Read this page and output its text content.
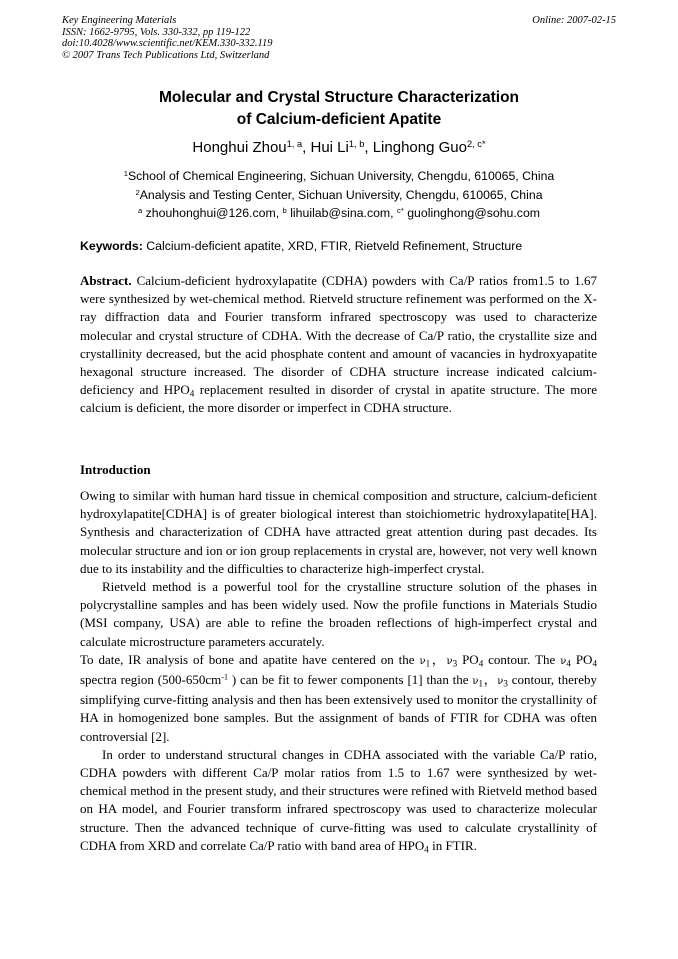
Key Engineering Materials
ISSN: 1662-9795, Vols. 330-332, pp 119-122
doi:10.4028/www.scientific.net/KEM.330-332.119
© 2007 Trans Tech Publications Ltd, Switzerland
Online: 2007-02-15
Molecular and Crystal Structure Characterization
of Calcium-deficient Apatite
Honghui Zhou$^{1, a}$, Hui Li$^{1, b}$, Linghong Guo$^{2, c*}$
$^1$School of Chemical Engineering, Sichuan University, Chengdu, 610065, China
$^2$Analysis and Testing Center, Sichuan University, Chengdu, 610065, China
$^a$ zhouhonghui@126.com, $^b$ lihuilab@sina.com, $^{c*}$ guolinghong@sohu.com
Keywords: Calcium-deficient apatite, XRD, FTIR, Rietveld Refinement, Structure
Abstract. Calcium-deficient hydroxylapatite (CDHA) powders with Ca/P ratios from1.5 to 1.67 were synthesized by wet-chemical method. Rietveld structure refinement was performed on the X-ray diffraction data and Fourier transform infrared spectroscopy was used to characterize molecular and crystal structure of CDHA. With the decrease of Ca/P ratio, the crystallite size and crystallinity decreased, but the acid phosphate content and amount of vacancies in hydroxyapatite hexagonal structure increased. The disorder of CDHA structure increase indicated calcium-deficiency and $HPO_4$ replacement resulted in disorder of crystal in apatite structure. The more calcium is deficient, the more disorder or imperfect in CDHA structure.
Introduction

Owing to similar with human hard tissue in chemical composition and structure, calcium-deficient hydroxylapatite[CDHA] is of greater biological interest than stoichiometric hydroxylapatite[HA]. Synthesis and characterization of CDHA have attracted great attention during past decades. Its molecular structure and ion or ion group replacements in crystal are, however, not very well known due to its instability and the difficulties to characterize high-imperfect crystal.

Rietveld method is a powerful tool for the crystalline structure solution of the phases in polycrystalline samples and has been widely used. Now the profile functions in Materials Studio (MSI company, USA) are able to refine the broaden reflections of high-imperfect crystal and calculate microstructure parameters accurately.

To date, IR analysis of bone and apatite have centered on the $\nu_1$，$\nu_3$ $PO_4$ contour. The $\nu_4$ $PO_4$ spectra region ($500-650cm^{-1}$ ) can be fit to fewer components [1] than the $\nu_1$，$\nu_3$ contour, thereby simplifying curve-fitting analysis and then has been extensively used to monitor the crystallinity of HA in homogenized bone samples. But the assignment of bands of FTIR for CDHA was often controversial [2].

In order to understand structural changes in CDHA associated with the variable Ca/P ratio, CDHA powders with different Ca/P molar ratios from 1.5 to 1.67 were synthesized by wet-chemical method in the present study, and their structures were refined with Rietveld method based on HA model, and Fourier transform infrared spectroscopy was used to characterize molecular structure. Then the advanced technique of curve-fitting was used to calculate crystallinity of CDHA from XRD and correlate Ca/P ratio with band area of $HPO_4$ in FTIR.
